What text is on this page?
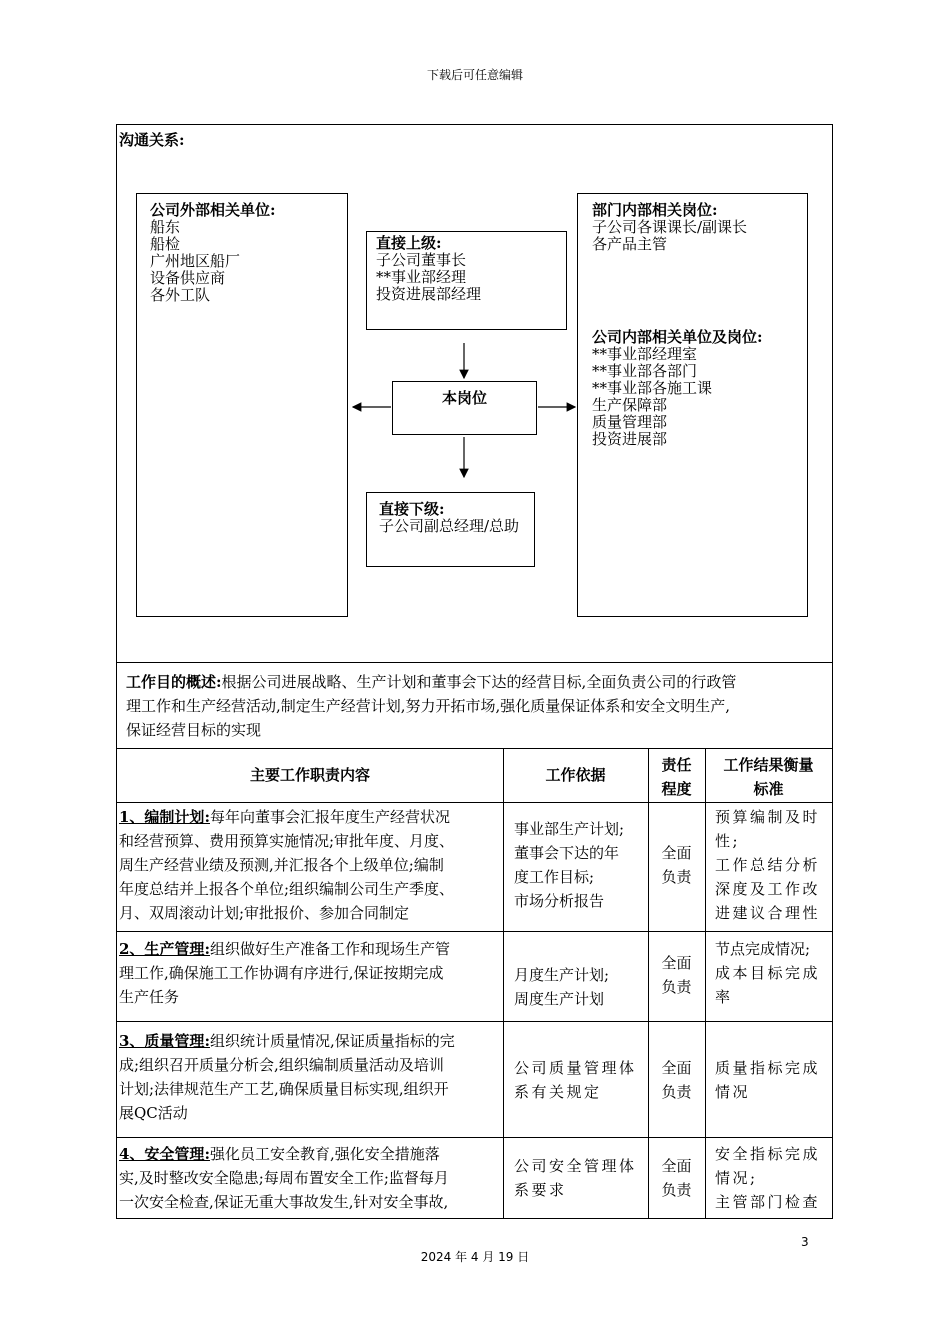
下载后可任意编辑
沟通关系:
公司外部相关单位:
船东
船检
广州地区船厂
设备供应商
各外工队
直接上级:
子公司董事长
**事业部经理
投资进展部经理
本岗位
直接下级:
子公司副总经理/总助
部门内部相关岗位:
子公司各课课长/副课长
各产品主管
公司内部相关单位及岗位:
**事业部经理室
**事业部各部门
**事业部各施工课
生产保障部
质量管理部
投资进展部
工作目的概述:根据公司进展战略、生产计划和董事会下达的经营目标,全面负责公司的行政管
理工作和生产经营活动,制定生产经营计划,努力开拓市场,强化质量保证体系和安全文明生产,
保证经营目标的实现
主要工作职责内容	工作依据
责任
程度
工作结果衡量
标准
1、编制计划:每年向董事会汇报年度生产经营状况
和经营预算、费用预算实施情况;审批年度、月度、
周生产经营业绩及预测,并汇报各个上级单位;编制
年度总结并上报各个单位;组织编制公司生产季度、
月、双周滚动计划;审批报价、参加合同制定
事业部生产计划;
董事会下达的年
度工作目标;
市场分析报告
全面
负责
预算编制及时
性;
工作总结分析
深度及工作改
进建议合理性
2、生产管理:组织做好生产准备工作和现场生产管
理工作,确保施工工作协调有序进行,保证按期完成
生产任务
月度生产计划;
周度生产计划
全面
负责
节点完成情况;
成本目标完成
率
3、质量管理:组织统计质量情况,保证质量指标的完
成;组织召开质量分析会,组织编制质量活动及培训
计划;法律规范生产工艺,确保质量目标实现,组织开
展QC活动
公司质量管理体
系有关规定
全面
负责
质量指标完成
情况
4、安全管理:强化员工安全教育,强化安全措施落
实,及时整改安全隐患;每周布置安全工作;监督每月
一次安全检查,保证无重大事故发生,针对安全事故,
公司安全管理体
系要求
全面
负责
安全指标完成
情况;
主管部门检查
3
2024 年 4 月 19 日
